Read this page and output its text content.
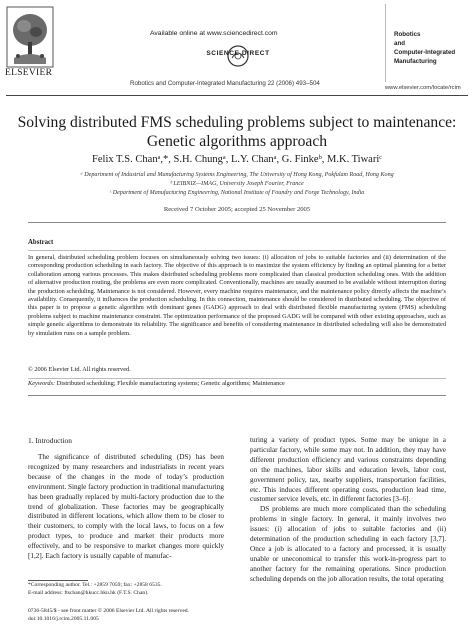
ELSEVIER
Available online at www.sciencedirect.com
SCIENCE DIRECT
Robotics and Computer-Integrated Manufacturing 22 (2006) 493–504
Robotics
and
Computer-Integrated
Manufacturing
www.elsevier.com/locate/rcim
Solving distributed FMS scheduling problems subject to maintenance:
Genetic algorithms approach
Felix T.S. Chanᵃ,*, S.H. Chungᵃ, L.Y. Chanᵃ, G. Finkeᵇ, M.K. Tiwariᶜ
ᵃ Department of Industrial and Manufacturing Systems Engineering, The University of Hong Kong, Pokfulam Road, Hong Kong
ᵇ LEIBNIZ—IMAG, University Joseph Fourier, France
ᶜ Department of Manufacturing Engineering, National Institute of Foundry and Forge Technology, India
Received 7 October 2005; accepted 25 November 2005
Abstract
In general, distributed scheduling problem focuses on simultaneously solving two issues: (i) allocation of jobs to suitable factories and (ii) determination of the corresponding production scheduling in each factory. The objective of this approach is to maximize the system efficiency by finding an optimal planning for a better collaboration among various processes. This makes distributed scheduling problems more complicated than classical production scheduling ones. With the addition of alternative production routing, the problems are even more complicated. Conventionally, machines are usually assumed to be available without interruption during the production scheduling. Maintenance is not considered. However, every machine requires maintenance, and the maintenance policy directly affects the machine’s availability. Consequently, it influences the production scheduling. In this connection, maintenance should be considered in distributed scheduling. The objective of this paper is to propose a genetic algorithm with dominant genes (GADG) approach to deal with distributed flexible manufacturing system (FMS) scheduling problems subject to machine maintenance constraint. The optimization performance of the proposed GADG will be compared with other existing approaches, such as simple genetic algorithms to demonstrate its reliability. The significance and benefits of considering maintenance in distributed scheduling will also be demonstrated by simulation runs on a sample problem.
© 2006 Elsevier Ltd. All rights reserved.
Keywords: Distributed scheduling; Flexible manufacturing systems; Genetic algorithms; Maintenance
1. Introduction
The significance of distributed scheduling (DS) has been recognized by many researchers and industrialists in recent years because of the changes in the mode of today’s production environment. Single factory production in traditional manufacturing has been gradually replaced by multi-factory production due to the trend of globalization. These factories may be geographically distributed in different locations, which allow them to be closer to their customers, to comply with the local laws, to focus on a few product types, to produce and market their products more effectively, and to be responsive to market changes more quickly [1,2]. Each factory is usually capable of manufac-
turing a variety of product types. Some may be unique in a particular factory, while some may not. In addition, they may have different production efficiency and various constraints depending on the machines, labor skills and education levels, labor cost, government policy, tax, nearby suppliers, transportation facilities, etc. This induces different operating costs, production lead time, customer service levels, etc. in different factories [3–6].
DS problems are much more complicated than the scheduling problems in single factory. In general, it mainly involves two issues: (i) allocation of jobs to suitable factories and (ii) determination of the production scheduling in each factory [3,7]. Once a job is allocated to a factory and processed, it is usually unable or uneconomical to transfer this work-in-progress part to another factory for the remaining operations. Since production scheduling depends on the job allocation results, the total operating
*Corresponding author. Tel.: +2859 7059; fax: +2858 6535.
E-mail address: ftschan@hkucc.hku.hk (F.T.S. Chan).
0736-5845/$ - see front matter © 2006 Elsevier Ltd. All rights reserved.
doi:10.1016/j.rcim.2005.11.005
